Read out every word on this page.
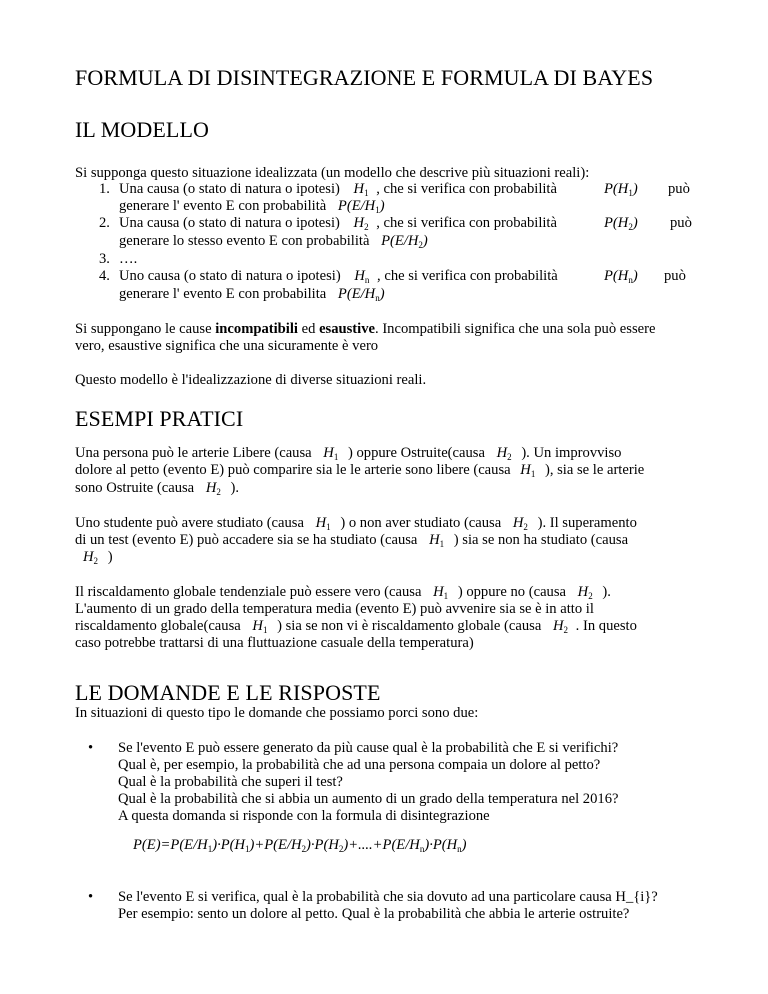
FORMULA DI DISINTEGRAZIONE E FORMULA DI BAYES
IL MODELLO
Si supponga questo situazione idealizzata (un modello che descrive più situazioni reali):
1. Una causa (o stato di natura o ipotesi) $H_1$ , che si verifica con probabilità	$P(H_1)$ può
generare l' evento E con probabilità $P(E/H_1)$
2. Una causa (o stato di natura o ipotesi) $H_2$ , che si verifica con probabilità	$P(H_2)$ può
generare lo stesso evento E con probabilità $P(E/H_2)$
3. ….
4. Uno causa (o stato di natura o ipotesi) $H_n$ , che si verifica con probabilità	$P(H_n)$ può
generare l' evento E con probabilita $P(E/H_n)$
Si suppongano le cause incompatibili ed esaustive. Incompatibili significa che una sola può essere
vero, esaustive significa che una sicuramente è vero
Questo modello è l'idealizzazione di diverse situazioni reali.
ESEMPI PRATICI
Una persona può le arterie Libere (causa $H_1$ ) oppure Ostruite(causa $H_2$ ). Un improvviso
dolore al petto (evento E) può comparire sia le le arterie sono libere (causa $H_1$ ), sia se le arterie
sono Ostruite (causa $H_2$ ).
Uno studente può avere studiato (causa $H_1$ ) o non aver studiato (causa $H_2$ ). Il superamento
di un test (evento E) può accadere sia se ha studiato (causa $H_1$ ) sia se non ha studiato (causa
$H_2$ )
Il riscaldamento globale tendenziale può essere vero (causa $H_1$ ) oppure no (causa $H_2$ ).
L'aumento di un grado della temperatura media (evento E) può avvenire sia se è in atto il
riscaldamento globale(causa $H_1$ ) sia se non vi è riscaldamento globale (causa $H_2$ . In questo
caso potrebbe trattarsi di una fluttuazione casuale della temperatura)
LE DOMANDE E LE RISPOSTE
In situazioni di questo tipo le domande che possiamo porci sono due:
• Se l'evento E può essere generato da più cause qual è la probabilità che E si verifichi?
Qual è, per esempio, la probabilità che ad una persona compaia un dolore al petto?
Qual è la probabilità che superi il test?
Qual è la probabilità che si abbia un aumento di un grado della temperatura nel 2016?
A questa domanda si risponde con la formula di disintegrazione
$P(E)=P(E/H_1)\cdot P(H_1)+P(E/H_2)\cdot P(H_2)+....+P(E/H_n)\cdot P(H_n)$
• Se l'evento E si verifica, qual è la probabilità che sia dovuto ad una particolare causa H_{i}?
Per esempio: sento un dolore al petto. Qual è la probabilità che abbia le arterie ostruite?
